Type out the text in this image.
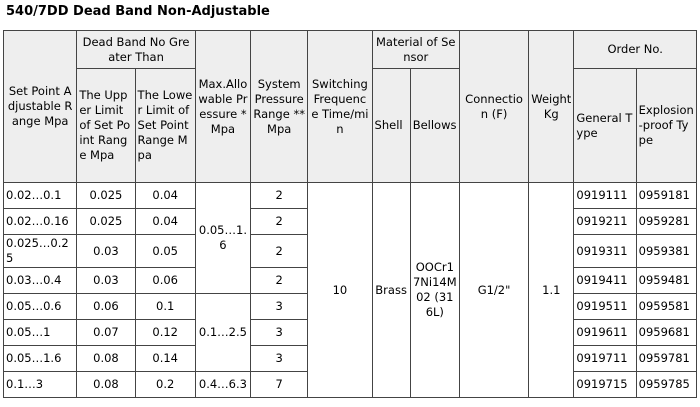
540/7DD Dead Band Non-Adjustable
Set Point Adjustable Range Mpa	Dead Band No Greater Than		Max.Allowable Pressure *Mpa	System Pressure Range **Mpa	Switching Frequence Time/min	Material of Sensor		Connection (F)	Weight Kg	Order No.	
	The Upper Limit of Set Point Range Mpa	The Lower Limit of Set Point Range Mpa				Shell	Bellows			General Type	Explosion-proof Type
0.02…0.1	0.025	0.04	0.05…1.6	2	10	Brass	OOCr17Ni14M02 (316L)	G1/2"	1.1	0919111	0959181
0.02…0.16	0.025	0.04		2						0919211	0959281
0.025…0.25	0.03	0.05		2						0919311	0959381
0.03…0.4	0.03	0.06		2						0919411	0959481
0.05…0.6	0.06	0.1	0.1…2.5	3						0919511	0959581
0.05…1	0.07	0.12		3						0919611	0959681
0.05…1.6	0.08	0.14		3						0919711	0959781
0.1…3	0.08	0.2	0.4…6.3	7						0919715	0959785
